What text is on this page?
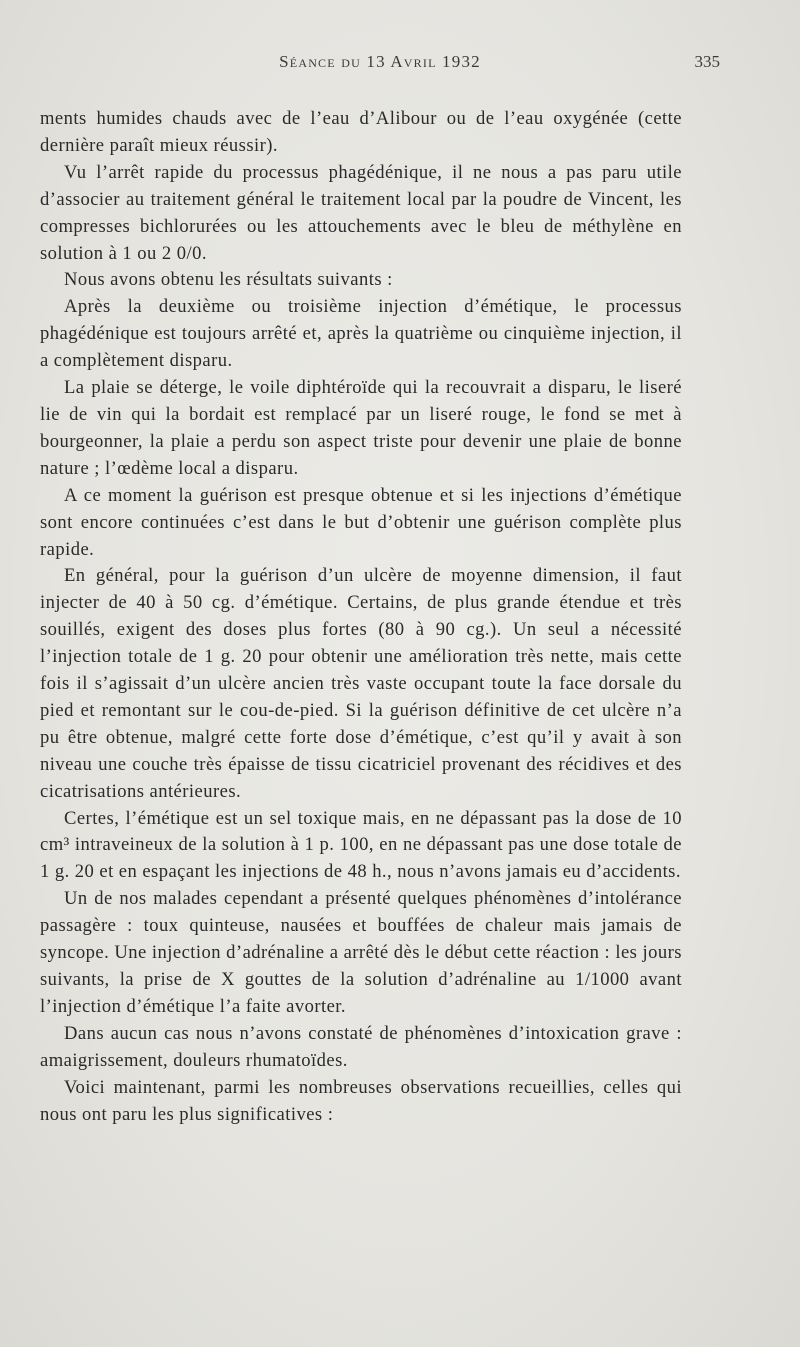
Séance du 13 Avril 1932	335

ments humides chauds avec de l’eau d’Alibour ou de l’eau oxygénée (cette dernière paraît mieux réussir).

Vu l’arrêt rapide du processus phagédénique, il ne nous a pas paru utile d’associer au traitement général le traitement local par la poudre de Vincent, les compresses bichlorurées ou les attouchements avec le bleu de méthylène en solution à 1 ou 2 0/0.

Nous avons obtenu les résultats suivants :

Après la deuxième ou troisième injection d’émétique, le processus phagédénique est toujours arrêté et, après la quatrième ou cinquième injection, il a complètement disparu.

La plaie se déterge, le voile diphtéroïde qui la recouvrait a disparu, le liseré lie de vin qui la bordait est remplacé par un liseré rouge, le fond se met à bourgeonner, la plaie a perdu son aspect triste pour devenir une plaie de bonne nature ; l’œdème local a disparu.

A ce moment la guérison est presque obtenue et si les injections d’émétique sont encore continuées c’est dans le but d’obtenir une guérison complète plus rapide.

En général, pour la guérison d’un ulcère de moyenne dimension, il faut injecter de 40 à 50 cg. d’émétique. Certains, de plus grande étendue et très souillés, exigent des doses plus fortes (80 à 90 cg.). Un seul a nécessité l’injection totale de 1 g. 20 pour obtenir une amélioration très nette, mais cette fois il s’agissait d’un ulcère ancien très vaste occupant toute la face dorsale du pied et remontant sur le cou-de-pied. Si la guérison définitive de cet ulcère n’a pu être obtenue, malgré cette forte dose d’émétique, c’est qu’il y avait à son niveau une couche très épaisse de tissu cicatriciel provenant des récidives et des cicatrisations antérieures.

Certes, l’émétique est un sel toxique mais, en ne dépassant pas la dose de 10 cm³ intraveineux de la solution à 1 p. 100, en ne dépassant pas une dose totale de 1 g. 20 et en espaçant les injections de 48 h., nous n’avons jamais eu d’accidents.

Un de nos malades cependant a présenté quelques phénomènes d’intolérance passagère : toux quinteuse, nausées et bouffées de chaleur mais jamais de syncope. Une injection d’adrénaline a arrêté dès le début cette réaction : les jours suivants, la prise de X gouttes de la solution d’adrénaline au 1/1000 avant l’injection d’émétique l’a faite avorter.

Dans aucun cas nous n’avons constaté de phénomènes d’intoxication grave : amaigrissement, douleurs rhumatoïdes.

Voici maintenant, parmi les nombreuses observations recueillies, celles qui nous ont paru les plus significatives :
